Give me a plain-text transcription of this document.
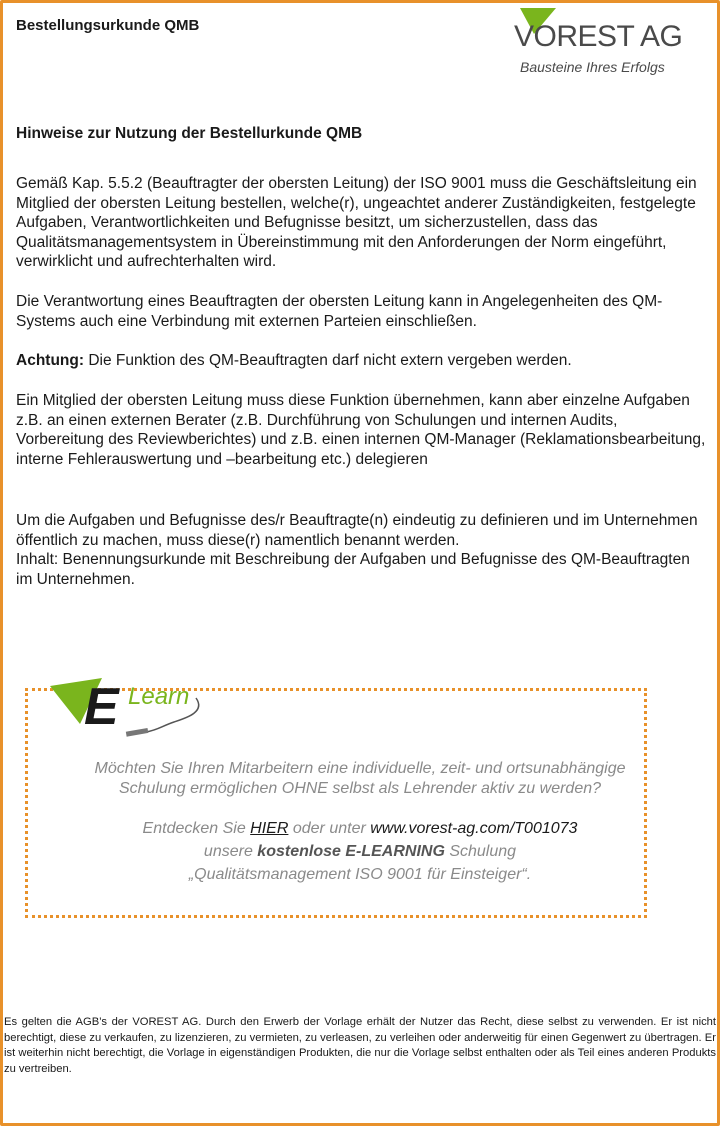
Bestellungsurkunde QMB	VOREST AG
Bausteine Ihres Erfolgs
Hinweise zur Nutzung der Bestellurkunde QMB

Gemäß Kap. 5.5.2 (Beauftragter der obersten Leitung) der ISO 9001 muss die Geschäftsleitung ein Mitglied der obersten Leitung bestellen, welche(r), ungeachtet anderer Zuständigkeiten, festgelegte Aufgaben, Verantwortlichkeiten und Befugnisse besitzt, um sicherzustellen, dass das Qualitätsmanagementsystem in Übereinstimmung mit den Anforderungen der Norm eingeführt, verwirklicht und aufrechterhalten wird.

Die Verantwortung eines Beauftragten der obersten Leitung kann in Angelegenheiten des QM-Systems auch eine Verbindung mit externen Parteien einschließen.

Achtung: Die Funktion des QM-Beauftragten darf nicht extern vergeben werden.

Ein Mitglied der obersten Leitung muss diese Funktion übernehmen, kann aber einzelne Aufgaben z.B. an einen externen Berater (z.B. Durchführung von Schulungen und internen Audits, Vorbereitung des Reviewberichtes) und z.B. einen internen QM-Manager (Reklamationsbearbeitung, interne Fehlerauswertung und –bearbeitung etc.) delegieren

Um die Aufgaben und Befugnisse des/r Beauftragte(n) eindeutig zu definieren und im Unternehmen öffentlich zu machen, muss diese(r) namentlich benannt werden.

Inhalt: Benennungsurkunde mit Beschreibung der Aufgaben und Befugnisse des QM-Beauftragten im Unternehmen.

E Learn

Möchten Sie Ihren Mitarbeitern eine individuelle, zeit- und ortsunabhängige

Schulung ermöglichen OHNE selbst als Lehrender aktiv zu werden?

Entdecken Sie HIER oder unter www.vorest-ag.com/T001073

unsere kostenlose E-LEARNING Schulung

„Qualitätsmanagement ISO 9001 für Einsteiger“.

Es gelten die AGB’s der VOREST AG. Durch den Erwerb der Vorlage erhält der Nutzer das Recht, diese selbst zu verwenden. Er ist nicht berechtigt, diese zu verkaufen, zu lizenzieren, zu vermieten, zu verleasen, zu verleihen oder anderweitig für einen Gegenwert zu übertragen. Er ist weiterhin nicht berechtigt, die Vorlage in eigenständigen Produkten, die nur die Vorlage selbst enthalten oder als Teil eines anderen Produkts zu vertreiben.
